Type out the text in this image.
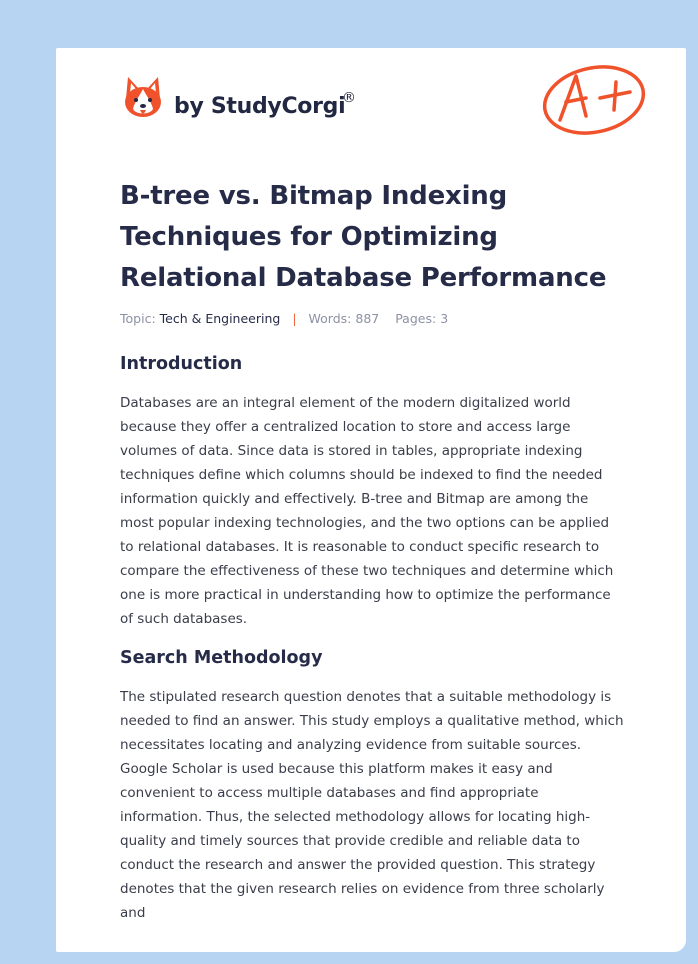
by StudyCorgi
®
B-tree vs. Bitmap Indexing Techniques for Optimizing Relational Database Performance
Topic: Tech & Engineering | Words: 887 Pages: 3
Introduction
Databases are an integral element of the modern digitalized world
because they offer a centralized location to store and access large
volumes of data. Since data is stored in tables, appropriate indexing
techniques define which columns should be indexed to find the needed
information quickly and effectively. B-tree and Bitmap are among the
most popular indexing technologies, and the two options can be applied
to relational databases. It is reasonable to conduct specific research to
compare the effectiveness of these two techniques and determine which
one is more practical in understanding how to optimize the performance
of such databases.
Search Methodology
The stipulated research question denotes that a suitable methodology is
needed to find an answer. This study employs a qualitative method, which
necessitates locating and analyzing evidence from suitable sources.
Google Scholar is used because this platform makes it easy and
convenient to access multiple databases and find appropriate
information. Thus, the selected methodology allows for locating high-
quality and timely sources that provide credible and reliable data to
conduct the research and answer the provided question. This strategy
denotes that the given research relies on evidence from three scholarly
and
